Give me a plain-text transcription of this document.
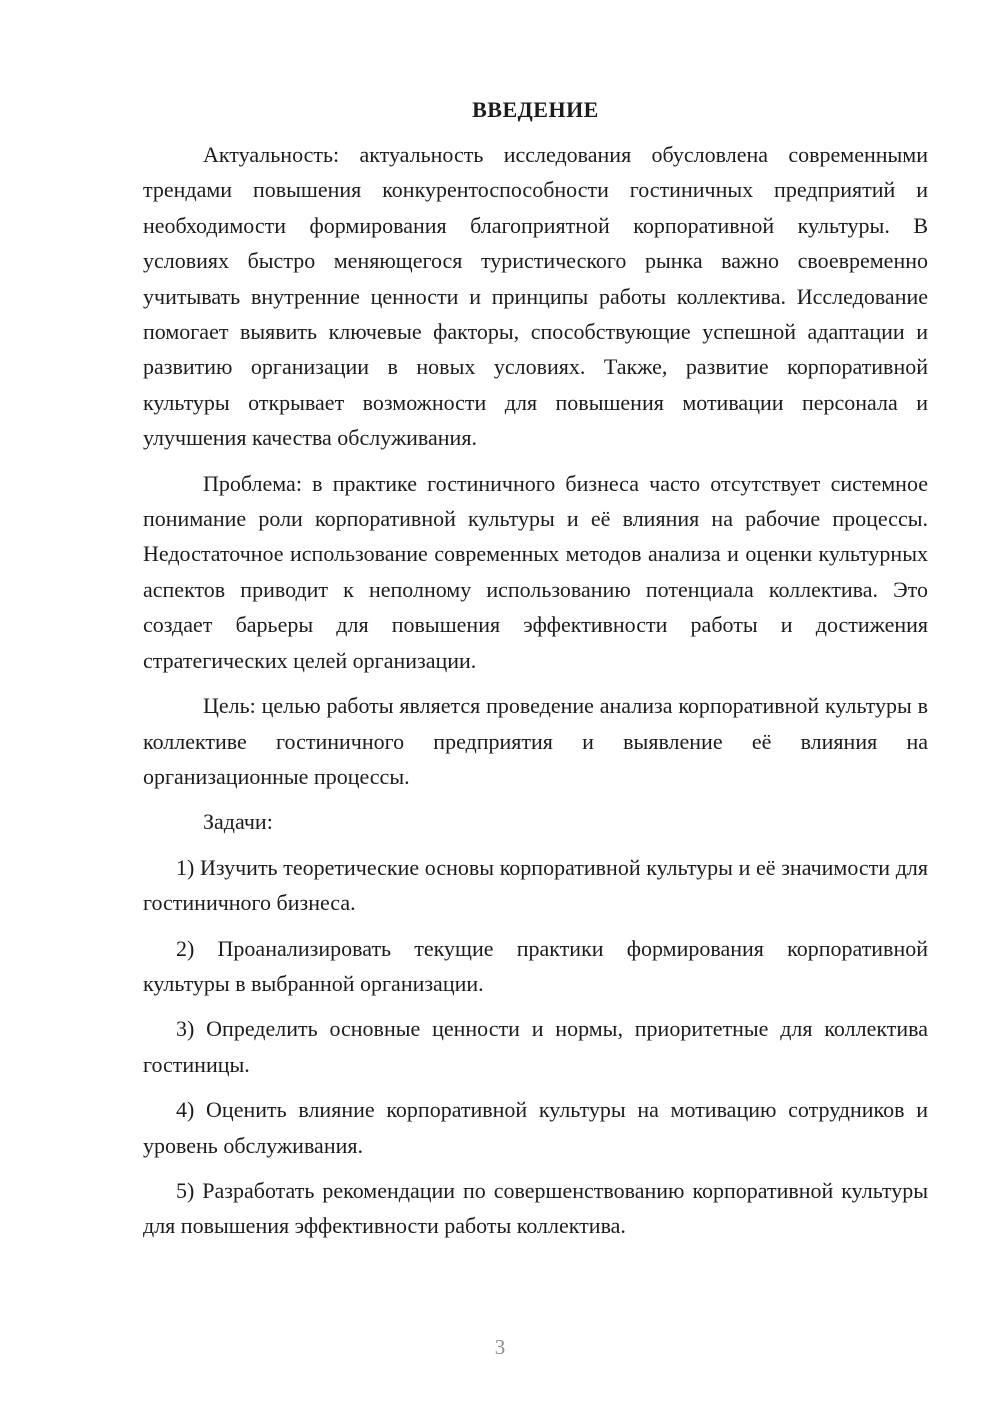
ВВЕДЕНИЕ

Актуальность: актуальность исследования обусловлена современными трендами повышения конкурентоспособности гостиничных предприятий и необходимости формирования благоприятной корпоративной культуры. В условиях быстро меняющегося туристического рынка важно своевременно учитывать внутренние ценности и принципы работы коллектива. Исследование помогает выявить ключевые факторы, способствующие успешной адаптации и развитию организации в новых условиях. Также, развитие корпоративной культуры открывает возможности для повышения мотивации персонала и улучшения качества обслуживания.

Проблема: в практике гостиничного бизнеса часто отсутствует системное понимание роли корпоративной культуры и её влияния на рабочие процессы. Недостаточное использование современных методов анализа и оценки культурных аспектов приводит к неполному использованию потенциала коллектива. Это создает барьеры для повышения эффективности работы и достижения стратегических целей организации.

Цель: целью работы является проведение анализа корпоративной культуры в коллективе гостиничного предприятия и выявление её влияния на организационные процессы.

Задачи:

1) Изучить теоретические основы корпоративной культуры и её значимости для гостиничного бизнеса.
2) Проанализировать текущие практики формирования корпоративной культуры в выбранной организации.
3) Определить основные ценности и нормы, приоритетные для коллектива гостиницы.
4) Оценить влияние корпоративной культуры на мотивацию сотрудников и уровень обслуживания.
5) Разработать рекомендации по совершенствованию корпоративной культуры для повышения эффективности работы коллектива.
3
